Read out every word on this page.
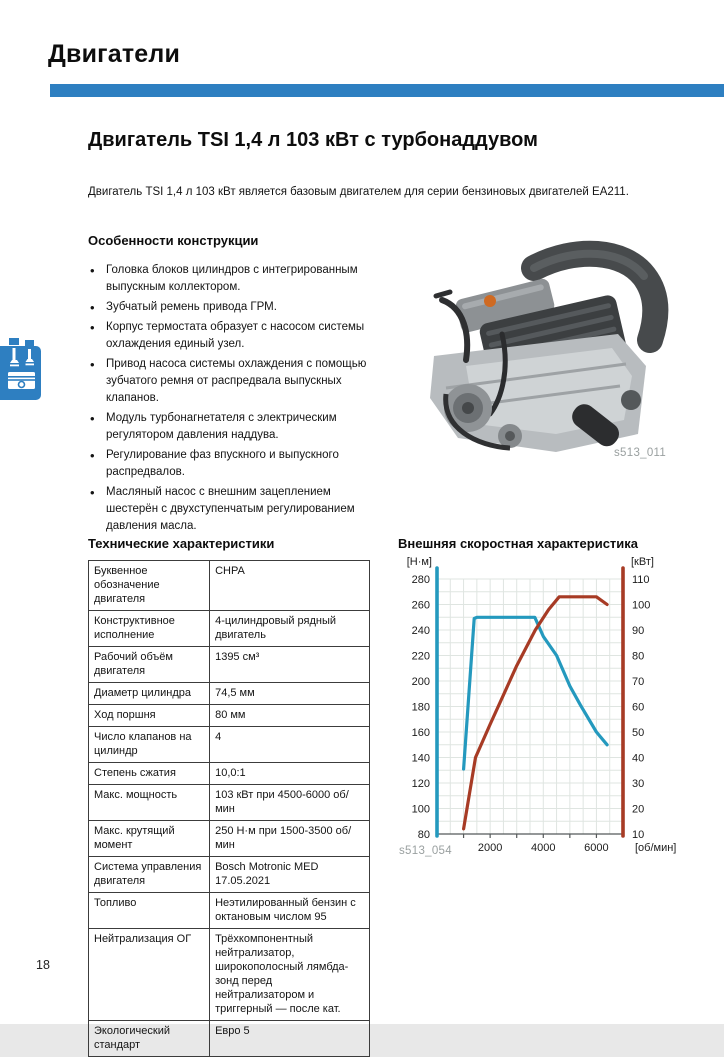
Двигатели
Двигатель TSI 1,4 л 103 кВт с турбонаддувом
Двигатель TSI 1,4 л 103 кВт является базовым двигателем для серии бензиновых двигателей EA211.
Особенности конструкции
• Головка блоков цилиндров с интегрированным выпускным коллектором.
• Зубчатый ремень привода ГРМ.
• Корпус термостата образует с насосом системы охлаждения единый узел.
• Привод насоса системы охлаждения с помощью зубчатого ремня от распредвала выпускных клапанов.
• Модуль турбонагнетателя с электрическим регулятором давления наддува.
• Регулирование фаз впускного и выпускного распредвалов.
• Масляный насос с внешним зацеплением шестерён с двухступенчатым регулированием давления масла.
s513_011
Технические характеристики
Буквенное обозначение двигателя	CHPA
Конструктивное исполнение	4-цилиндровый рядный двигатель
Рабочий объём двигателя	1395 см³
Диаметр цилиндра	74,5 мм
Ход поршня	80 мм
Число клапанов на цилиндр	4
Степень сжатия	10,0:1
Макс. мощность	103 кВт при 4500-6000 об/мин
Макс. крутящий момент	250 Н·м при 1500-3500 об/мин
Система управления двигателя	Bosch Motronic MED 17.05.2021
Топливо	Неэтилированный бензин с октановым числом 95
Нейтрализация ОГ	Трёхкомпонентный нейтрализатор, широкополосный лямбда-зонд перед нейтрализатором и триггерный — после кат.
Экологический стандарт	Евро 5
Внешняя скоростная характеристика
280
260
240
220
200
180
160
140
120
100
80
110
100
90
80
70
60
50
40
30
20
10
2000	4000	6000
[Н·м]	[кВт]
[об/мин]
s513_054
18
